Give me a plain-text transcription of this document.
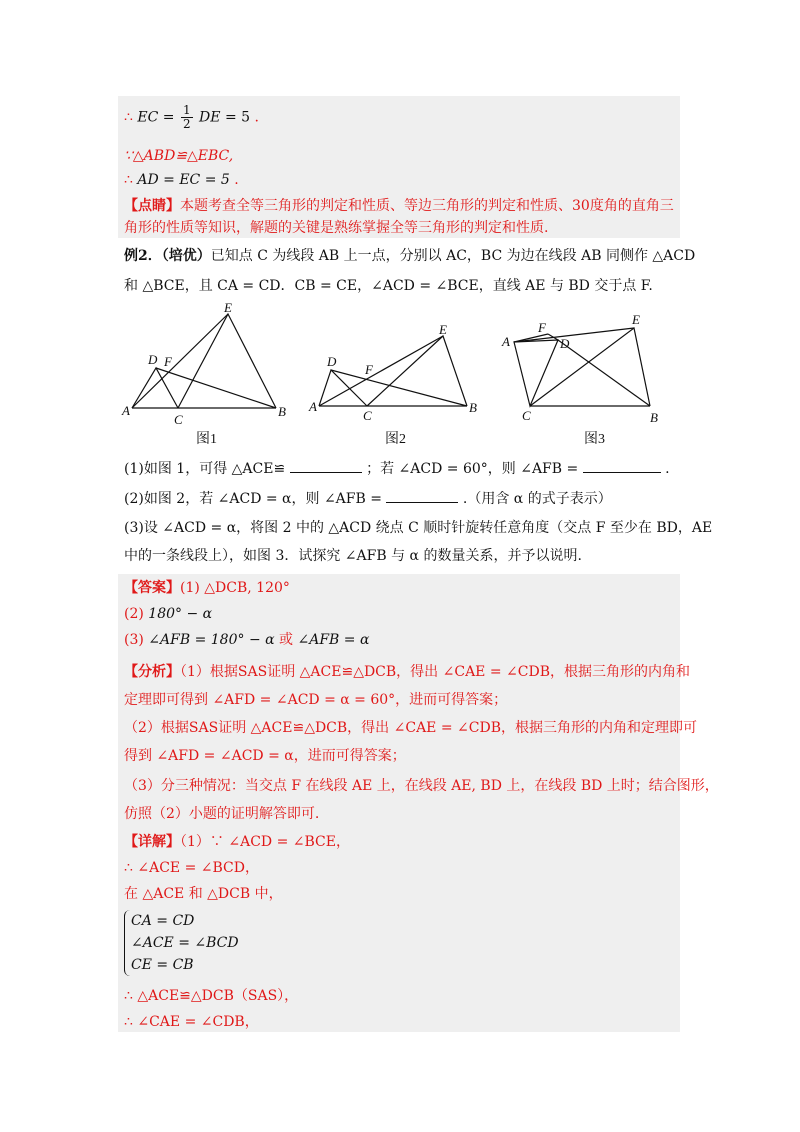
∴ EC = $\frac{1}{2}$ DE = 5 .
∵△ABD≌△EBC,
∴ AD = EC = 5 .
【点睛】本题考查全等三角形的判定和性质、等边三角形的判定和性质、30度角的直角三
角形的性质等知识，解题的关键是熟练掌握全等三角形的判定和性质.
例2．（培优）已知点 C 为线段 AB 上一点，分别以 AC，BC 为边在线段 AB 同侧作 △ACD
和 △BCE，且 CA = CD．CB = CE，∠ACD = ∠BCE，直线 AE 与 BD 交于点 F.
A	B
C
D
E
F
图1
A	B
C
D
E
F
图2
A
B
C
D
E
F
图3
(1)如图 1，可得 △ACE≌	；若 ∠ACD = 60°，则 ∠AFB =	.
(2)如图 2，若 ∠ACD = α，则 ∠AFB =	.（用含 α 的式子表示）
(3)设 ∠ACD = α，将图 2 中的 △ACD 绕点 C 顺时针旋转任意角度（交点 F 至少在 BD，AE
中的一条线段上），如图 3．试探究 ∠AFB 与 α 的数量关系，并予以说明.
【答案】(1) △DCB, 120°
(2) 180° − α
(3) ∠AFB = 180° − α 或 ∠AFB = α
【分析】（1）根据SAS证明 △ACE≌△DCB，得出 ∠CAE = ∠CDB，根据三角形的内角和
定理即可得到 ∠AFD = ∠ACD = α = 60°，进而可得答案；
（2）根据SAS证明 △ACE≌△DCB，得出 ∠CAE = ∠CDB，根据三角形的内角和定理即可
得到 ∠AFD = ∠ACD = α，进而可得答案；
（3）分三种情况：当交点 F 在线段 AE 上，在线段 AE, BD 上，在线段 BD 上时；结合图形，
仿照（2）小题的证明解答即可.
【详解】（1）∵ ∠ACD = ∠BCE，
∴ ∠ACE = ∠BCD，
在 △ACE 和 △DCB 中，
CA = CD
∠ACE = ∠BCD
CE = CB
∴ △ACE≌△DCB（SAS），
∴ ∠CAE = ∠CDB，
